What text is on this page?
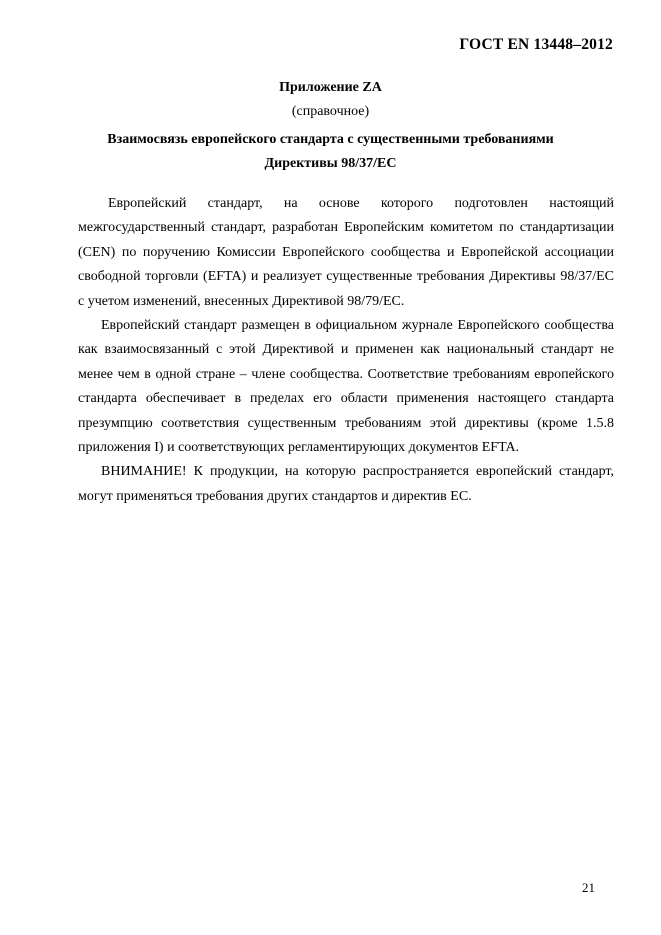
ГОСТ EN 13448–2012
Приложение ZA
(справочное)
Взаимосвязь европейского стандарта с существенными требованиями
Директивы 98/37/ЕС

Европейский стандарт, на основе которого подготовлен настоящий межгосударственный стандарт, разработан Европейским комитетом по стандартизации (CEN) по поручению Комиссии Европейского сообщества и Европейской ассоциации свободной торговли (EFTA) и реализует существенные требования Директивы 98/37/ЕС с учетом изменений, внесенных Директивой 98/79/ЕС.

Европейский стандарт размещен в официальном журнале Европейского сообщества как взаимосвязанный с этой Директивой и применен как национальный стандарт не менее чем в одной стране – члене сообщества. Соответствие требованиям европейского стандарта обеспечивает в пределах его области применения настоящего стандарта презумпцию соответствия существенным требованиям этой директивы (кроме 1.5.8 приложения I) и соответствующих регламентирующих документов EFTA.

ВНИМАНИЕ! К продукции, на которую распространяется европейский стандарт, могут применяться требования других стандартов и директив ЕС.

21
